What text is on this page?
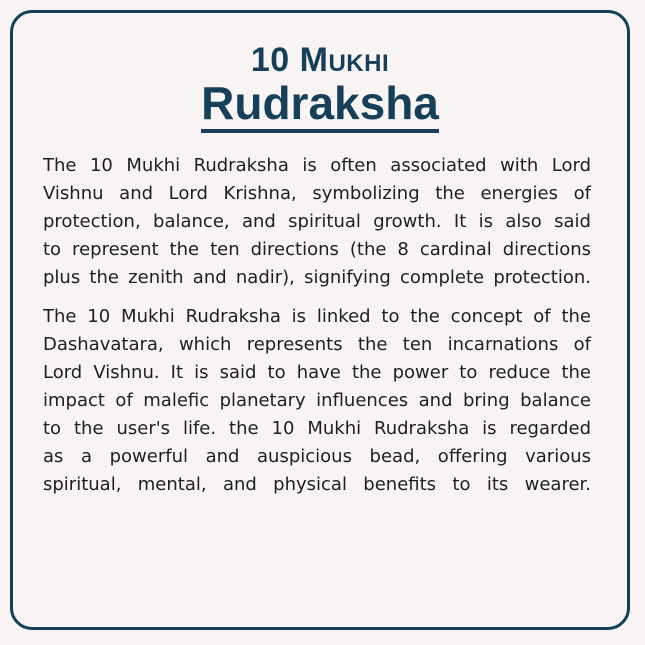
10 Mukhi
Rudraksha

The 10 Mukhi Rudraksha is often associated with Lord
Vishnu and Lord Krishna, symbolizing the energies of
protection, balance, and spiritual growth. It is also said
to represent the ten directions (the 8 cardinal directions
plus the zenith and nadir), signifying complete protection.

The 10 Mukhi Rudraksha is linked to the concept of the
Dashavatara, which represents the ten incarnations of
Lord Vishnu. It is said to have the power to reduce the
impact of malefic planetary influences and bring balance
to the user's life. the 10 Mukhi Rudraksha is regarded
as a powerful and auspicious bead, offering various
spiritual, mental, and physical benefits to its wearer.
